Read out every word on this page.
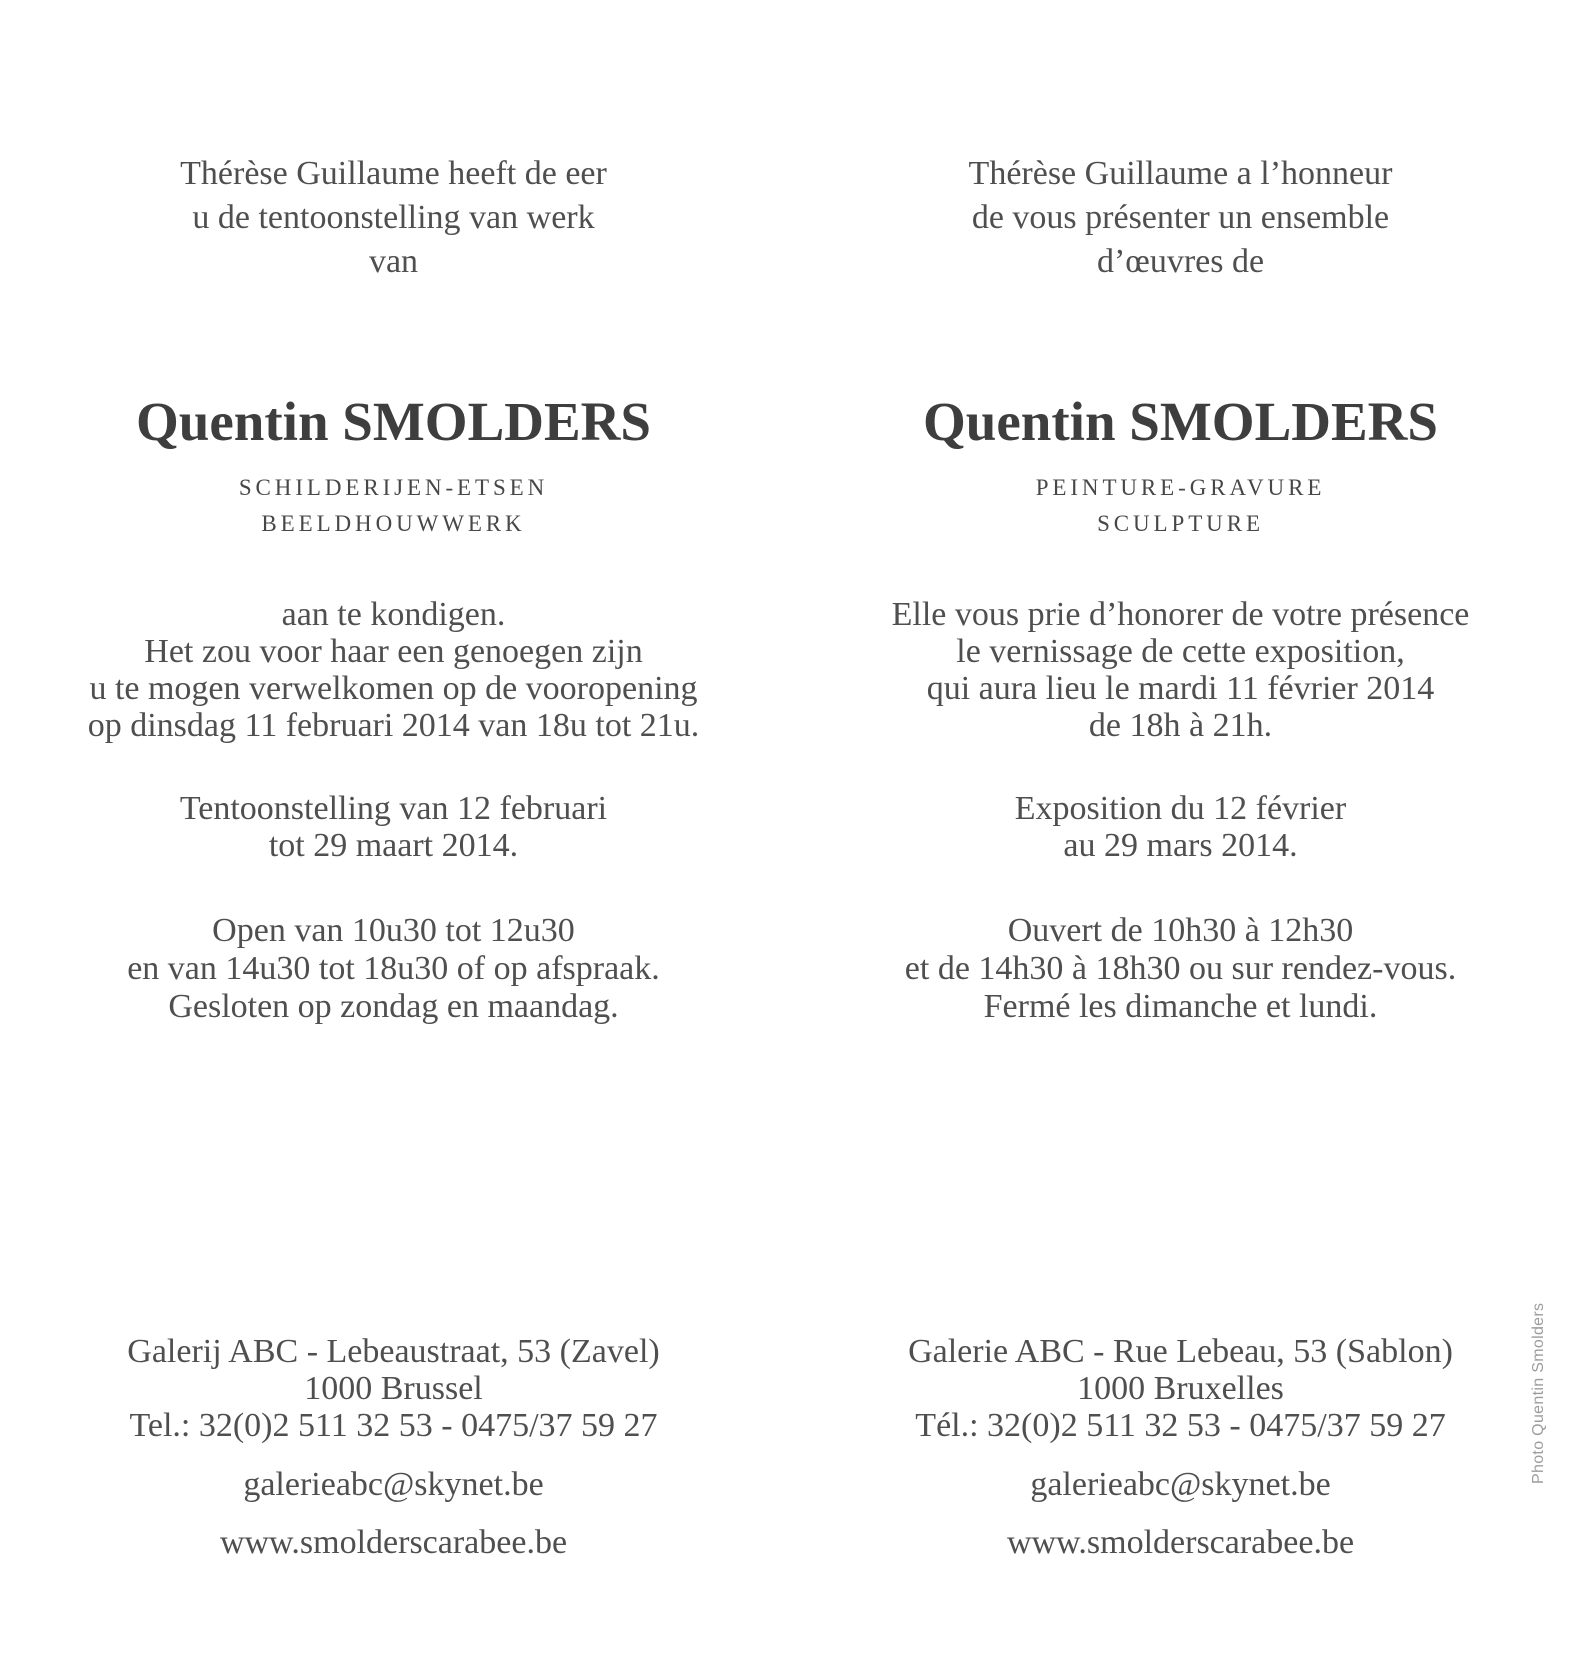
Thérèse Guillaume heeft de eer
u de tentoonstelling van werk
van
Quentin SMOLDERS
SCHILDERIJEN-ETSEN
BEELDHOUWWERK
aan te kondigen.
Het zou voor haar een genoegen zijn
u te mogen verwelkomen op de vooropening
op dinsdag 11 februari 2014 van 18u tot 21u.
Tentoonstelling van 12 februari
tot 29 maart 2014.
Open van 10u30 tot 12u30
en van 14u30 tot 18u30 of op afspraak.
Gesloten op zondag en maandag.
Galerij ABC - Lebeaustraat, 53 (Zavel)
1000 Brussel
Tel.: 32(0)2 511 32 53 - 0475/37 59 27
galerieabc@skynet.be
www.smolderscarabee.be
Thérèse Guillaume a l’honneur
de vous présenter un ensemble
d’œuvres de
Quentin SMOLDERS
PEINTURE-GRAVURE
SCULPTURE
Elle vous prie d’honorer de votre présence
le vernissage de cette exposition,
qui aura lieu le mardi 11 février 2014
de 18h à 21h.
Exposition du 12 février
au 29 mars 2014.
Ouvert de 10h30 à 12h30
et de 14h30 à 18h30 ou sur rendez-vous.
Fermé les dimanche et lundi.
Galerie ABC - Rue Lebeau, 53 (Sablon)
1000 Bruxelles
Tél.: 32(0)2 511 32 53 - 0475/37 59 27
galerieabc@skynet.be
www.smolderscarabee.be
Photo Quentin Smolders
